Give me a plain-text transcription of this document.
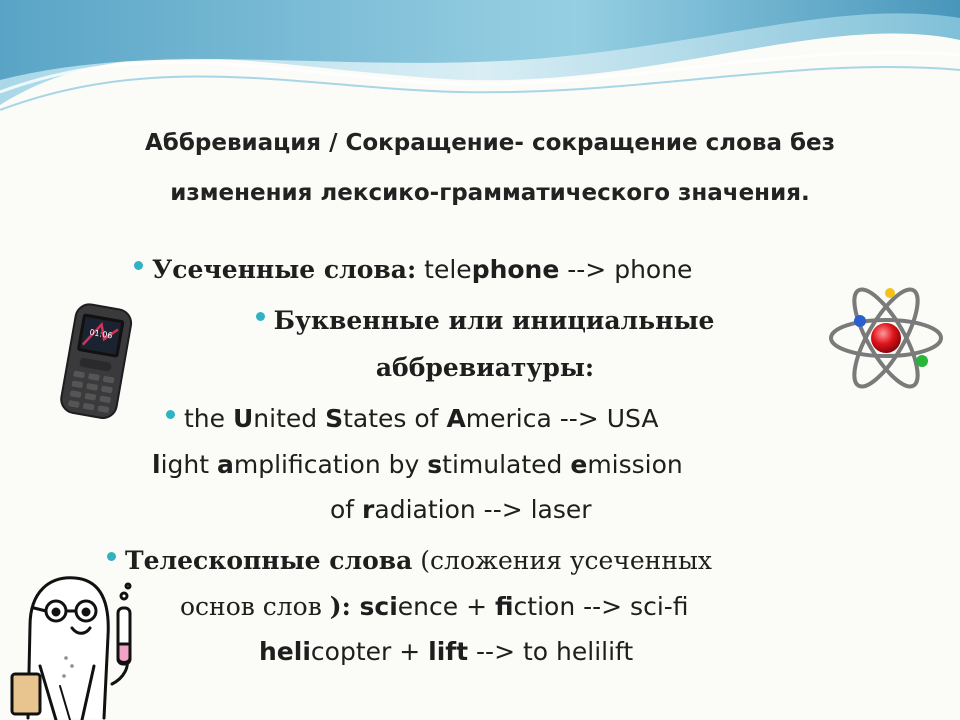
Аббревиация / Сокращение- сокращение слова без
изменения лексико-грамматического значения.
Усеченные слова: telephone --> phone
Буквенные или инициальные
аббревиатуры:
the United States of America --> USA
light amplification by stimulated emission
of radiation --> laser
Телескопные слова (сложения усеченных
основ слов ): science + fiction --> sci-fi
helicopter + lift --> to helilift
01:06
